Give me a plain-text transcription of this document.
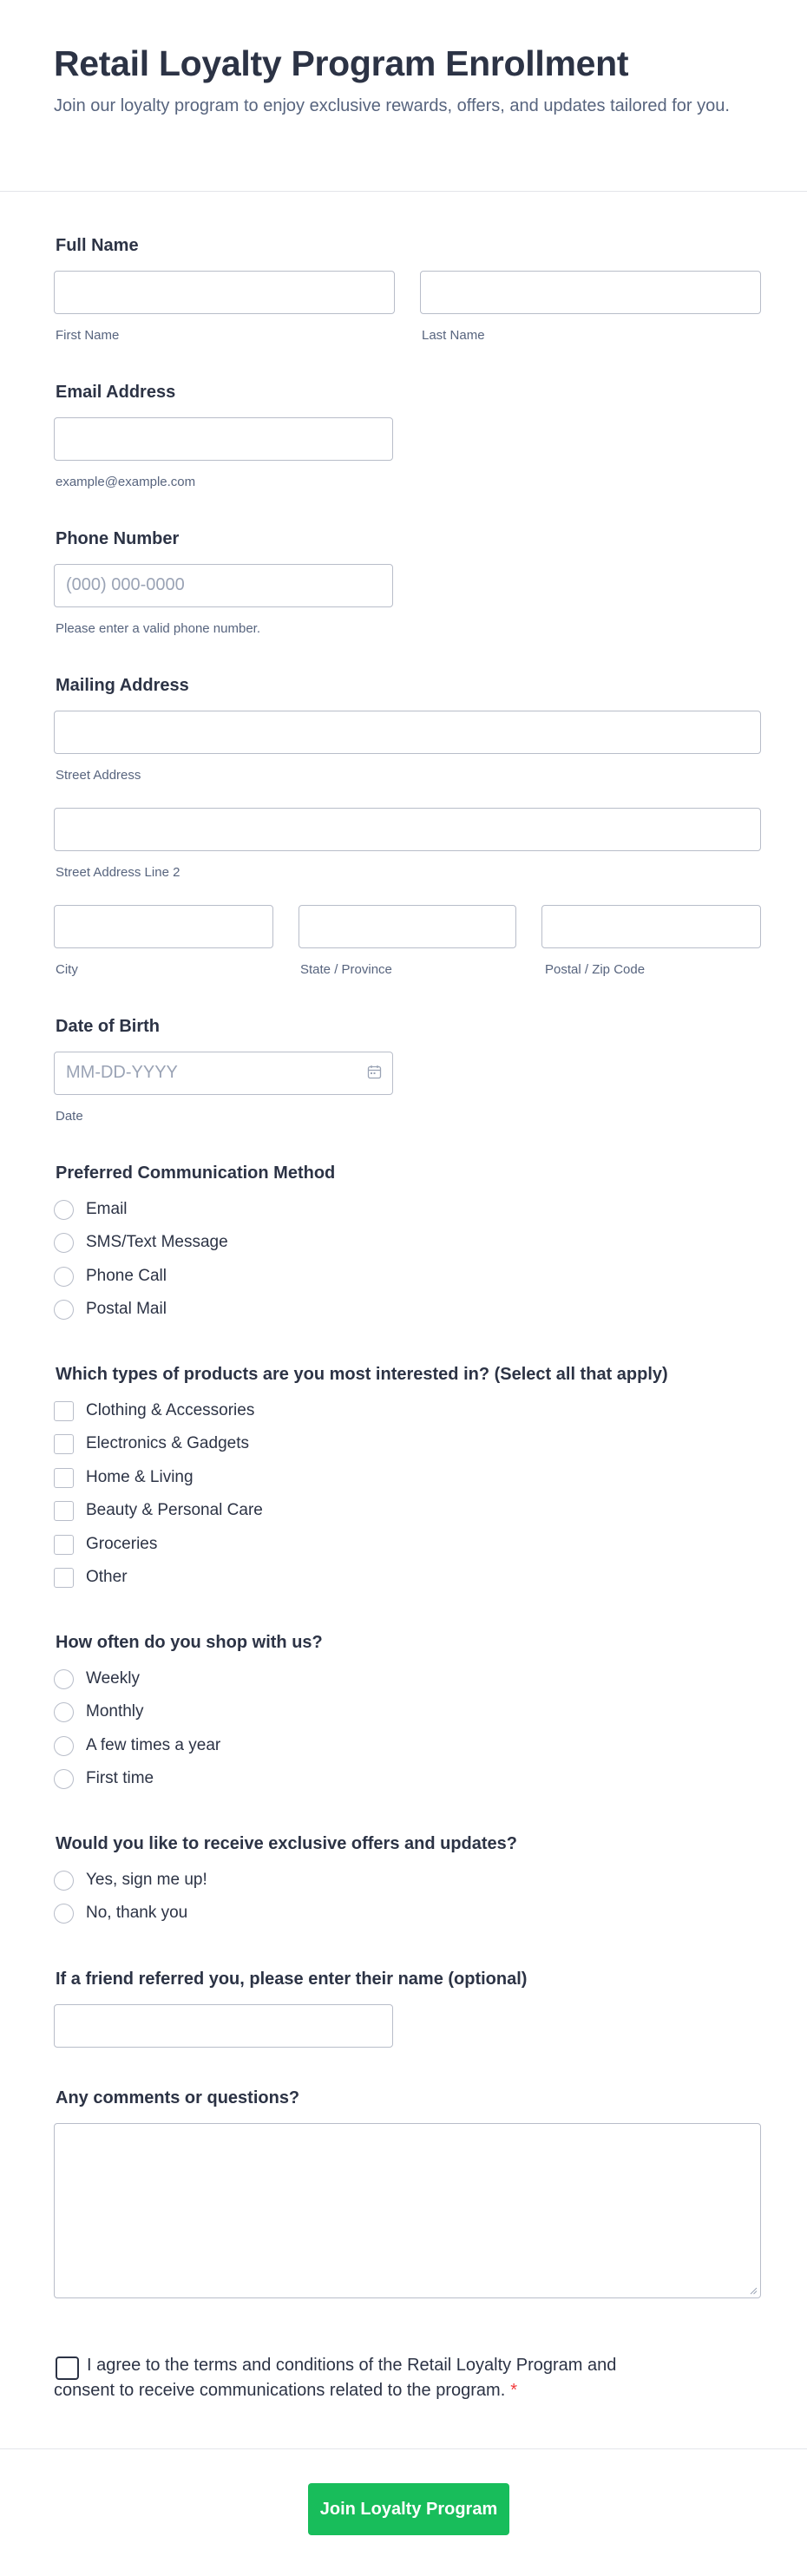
Retail Loyalty Program Enrollment
Join our loyalty program to enjoy exclusive rewards, offers, and updates tailored for you.
Full Name
First Name	Last Name
Email Address
example@example.com
Phone Number
(000) 000-0000
Please enter a valid phone number.
Mailing Address
Street Address
Street Address Line 2
City	State / Province	Postal / Zip Code
Date of Birth
MM-DD-YYYY
Date
Preferred Communication Method
Email
SMS/Text Message
Phone Call
Postal Mail
Which types of products are you most interested in? (Select all that apply)
Clothing & Accessories
Electronics & Gadgets
Home & Living
Beauty & Personal Care
Groceries
Other
How often do you shop with us?
Weekly
Monthly
A few times a year
First time
Would you like to receive exclusive offers and updates?
Yes, sign me up!
No, thank you
If a friend referred you, please enter their name (optional)
Any comments or questions?
I agree to the terms and conditions of the Retail Loyalty Program and consent to receive communications related to the program. *
Join Loyalty Program
